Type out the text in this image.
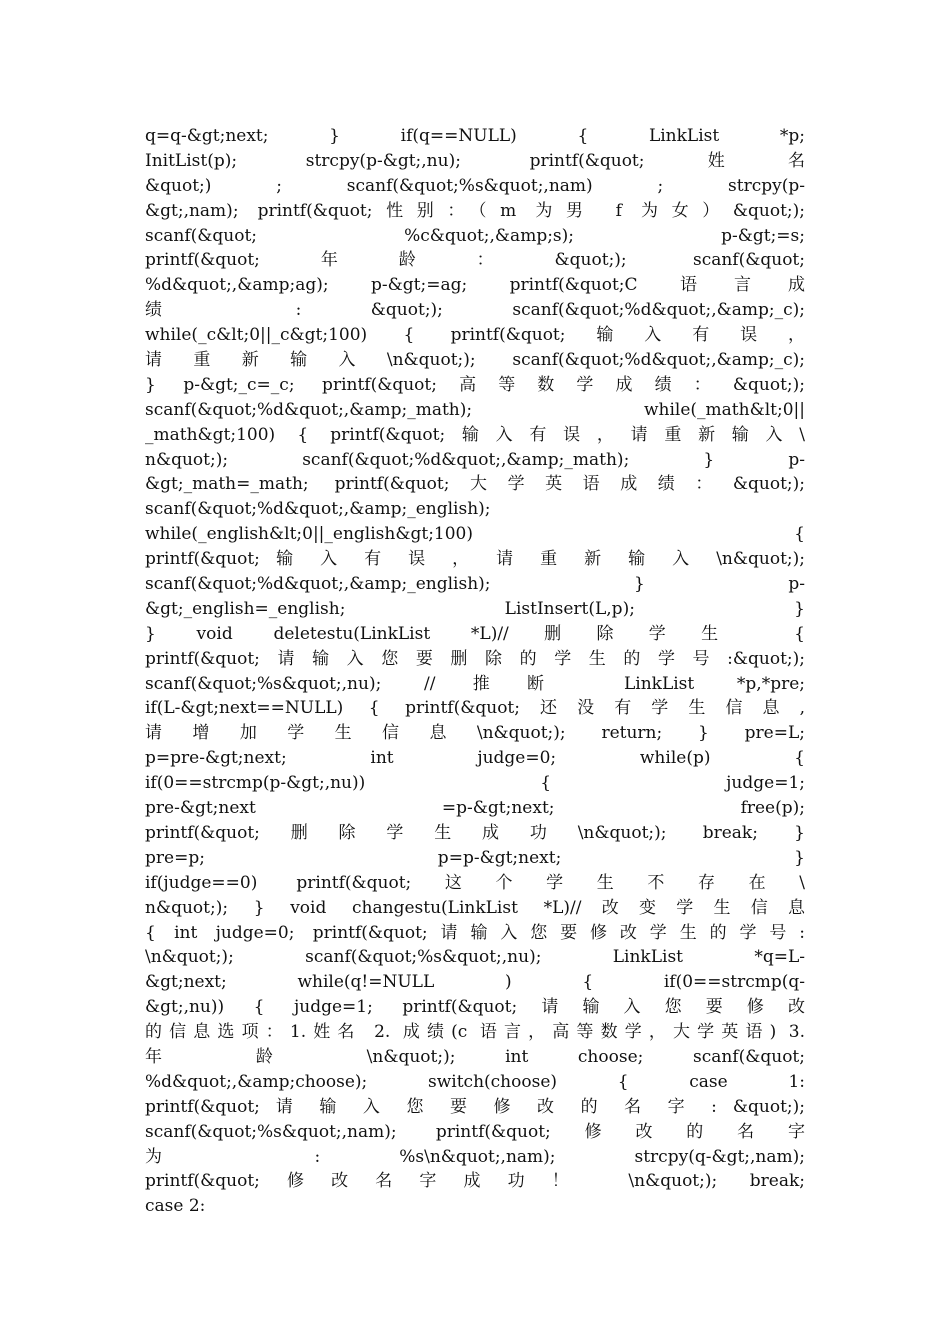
q=q-&gt;next; } if(q==NULL) { LinkList *p;
InitList(p); strcpy(p-&gt;,nu); printf(&quot;姓名
&quot;) ; scanf(&quot;%s&quot;,nam) ; strcpy(p-
&gt;,nam); printf(&quot;性别：（m 为男 f 为女）&quot;);
scanf(&quot; %c&quot;,&amp;s); p-&gt;=s;
printf(&quot;年龄：&quot;); scanf(&quot;
%d&quot;,&amp;ag); p-&gt;=ag; printf(&quot;C 语言成
绩 : &quot;); scanf(&quot;%d&quot;,&amp;_c);
while(_c&lt;0||_c&gt;100) { printf(&quot;输入有误，
请重新输入\n&quot;); scanf(&quot;%d&quot;,&amp;_c);
} p-&gt;_c=_c; printf(&quot;高等数学成绩：&quot;);
scanf(&quot;%d&quot;,&amp;_math); while(_math&lt;0||
_math&gt;100) { printf(&quot;输入有误，请重新输入\
n&quot;); scanf(&quot;%d&quot;,&amp;_math); } p-
&gt;_math=_math; printf(&quot;大学英语成绩：&quot;);
scanf(&quot;%d&quot;,&amp;_english);
while(_english&lt;0||_english&gt;100) {
printf(&quot; 输 入 有 误 ， 请 重 新 输 入 \n&quot;);
scanf(&quot;%d&quot;,&amp;_english); } p-
&gt;_english=_english; ListInsert(L,p); }
} void deletestu(LinkList *L)//删除学生 {
printf(&quot;请输入您要删除的学生的学号:&quot;);
scanf(&quot;%s&quot;,nu); //推断 LinkList *p,*pre;
if(L-&gt;next==NULL) { printf(&quot;还没有学生信息,
请增加学生信息\n&quot;); return; } pre=L;
p=pre-&gt;next; int judge=0; while(p) {
if(0==strcmp(p-&gt;,nu)) { judge=1;
pre-&gt;next =p-&gt;next; free(p);
printf(&quot;删除学生成功\n&quot;); break; }
pre=p; p=p-&gt;next; }
if(judge==0) printf(&quot;这个学生不存在\
n&quot;); } void changestu(LinkList *L)//改变学生信息
{ int judge=0; printf(&quot;请输入您要修改学生的学号:
\n&quot;); scanf(&quot;%s&quot;,nu); LinkList *q=L-
&gt;next; while(q!=NULL ) { if(0==strcmp(q-
&gt;,nu)) { judge=1; printf(&quot;请输入您要修改
的信息选项：1.姓名 2. 成绩(c 语言，高等数学，大学英语) 3.
年 龄 \n&quot;); int choose; scanf(&quot;
%d&quot;,&amp;choose); switch(choose) { case 1:
printf(&quot; 请 输 入 您 要 修 改 的 名 字 : &quot;);
scanf(&quot;%s&quot;,nam); printf(&quot;修改的名字
为 : %s\n&quot;,nam); strcpy(q-&gt;,nam);
printf(&quot;修改名字成功！ \n&quot;); break;
case 2:
